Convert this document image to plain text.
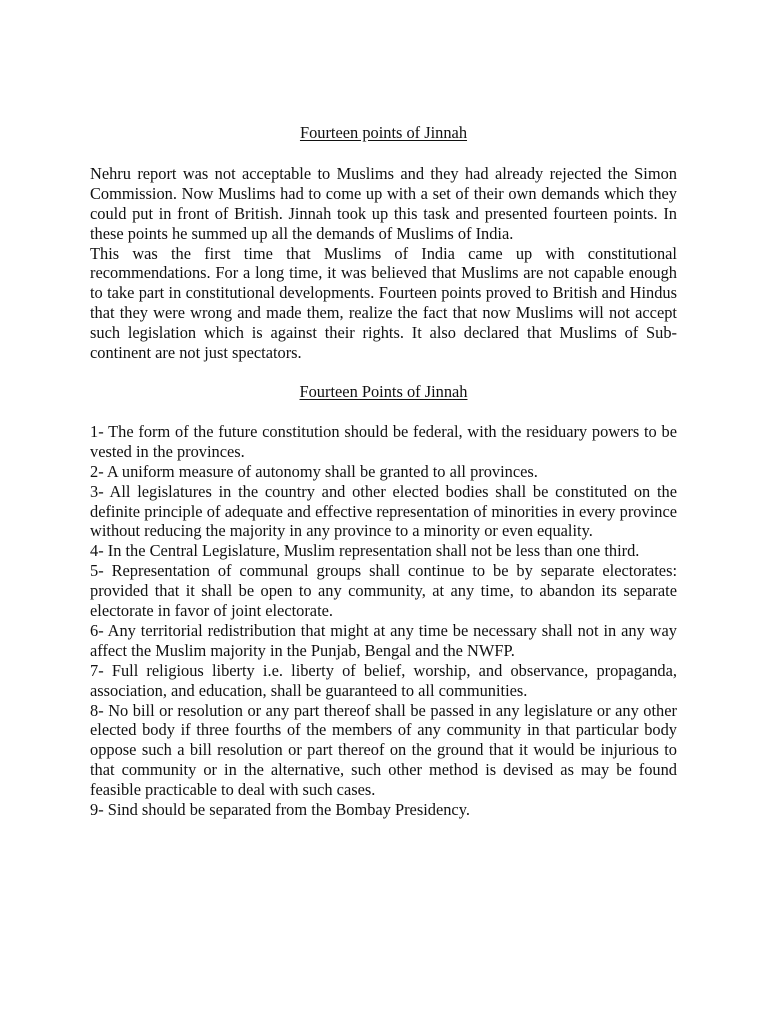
Fourteen points of Jinnah

Nehru report was not acceptable to Muslims and they had already rejected the Simon Commission. Now Muslims had to come up with a set of their own demands which they could put in front of British. Jinnah took up this task and presented fourteen points. In these points he summed up all the demands of Muslims of India.

This was the first time that Muslims of India came up with constitutional recommendations. For a long time, it was believed that Muslims are not capable enough to take part in constitutional developments. Fourteen points proved to British and Hindus that they were wrong and made them, realize the fact that now Muslims will not accept such legislation which is against their rights. It also declared that Muslims of Sub-continent are not just spectators.

Fourteen Points of Jinnah

1- The form of the future constitution should be federal, with the residuary powers to be vested in the provinces.

2- A uniform measure of autonomy shall be granted to all provinces.

3- All legislatures in the country and other elected bodies shall be constituted on the definite principle of adequate and effective representation of minorities in every province without reducing the majority in any province to a minority or even equality.

4- In the Central Legislature, Muslim representation shall not be less than one third.

5- Representation of communal groups shall continue to be by separate electorates: provided that it shall be open to any community, at any time, to abandon its separate electorate in favor of joint electorate.

6- Any territorial redistribution that might at any time be necessary shall not in any way affect the Muslim majority in the Punjab, Bengal and the NWFP.

7- Full religious liberty i.e. liberty of belief, worship, and observance, propaganda, association, and education, shall be guaranteed to all communities.

8- No bill or resolution or any part thereof shall be passed in any legislature or any other elected body if three fourths of the members of any community in that particular body oppose such a bill resolution or part thereof on the ground that it would be injurious to that community or in the alternative, such other method is devised as may be found feasible practicable to deal with such cases.

9- Sind should be separated from the Bombay Presidency.
